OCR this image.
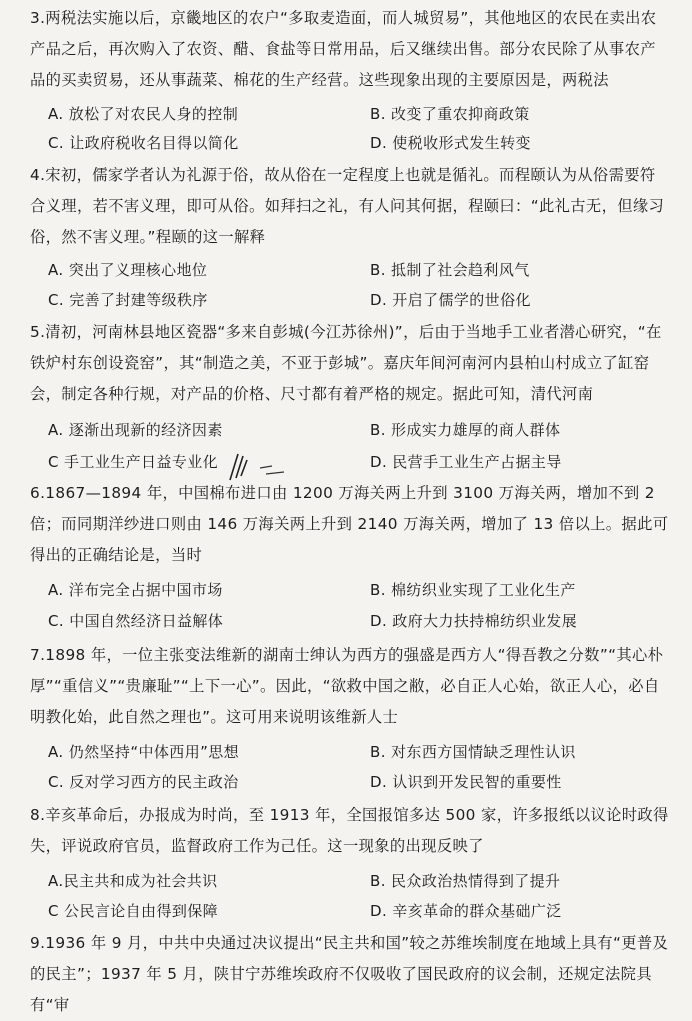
3.两税法实施以后，京畿地区的农户“多取麦造面，而人城贸易”，其他地区的农民在卖出农产品之后，再次购入了农资、醋、食盐等日常用品，后又继续出售。部分农民除了从事农产品的买卖贸易，还从事蔬菜、棉花的生产经营。这些现象出现的主要原因是，两税法

A. 放松了对农民人身的控制	B. 改变了重农抑商政策

C. 让政府税收名目得以简化	D. 使税收形式发生转变

4.宋初，儒家学者认为礼源于俗，故从俗在一定程度上也就是循礼。而程颐认为从俗需要符合义理，若不害义理，即可从俗。如拜扫之礼，有人问其何据，程颐曰：“此礼古无，但缘习俗，然不害义理。”程颐的这一解释

A. 突出了义理核心地位	B. 抵制了社会趋利风气

C. 完善了封建等级秩序	D. 开启了儒学的世俗化

5.清初，河南林县地区瓷器“多来自彭城(今江苏徐州)”，后由于当地手工业者潜心研究，“在铁炉村东创设瓷窑”，其“制造之美，不亚于彭城”。嘉庆年间河南河内县柏山村成立了缸窑会，制定各种行规，对产品的价格、尺寸都有着严格的规定。据此可知，清代河南

A. 逐渐出现新的经济因素	B. 形成实力雄厚的商人群体

C 手工业生产日益专业化	D. 民营手工业生产占据主导

6.1867—1894 年，中国棉布进口由 1200 万海关两上升到 3100 万海关两，增加不到 2 倍；而同期洋纱进口则由 146 万海关两上升到 2140 万海关两，增加了 13 倍以上。据此可得出的正确结论是，当时

A. 洋布完全占据中国市场	B. 棉纺织业实现了工业化生产

C. 中国自然经济日益解体	D. 政府大力扶持棉纺织业发展

7.1898 年，一位主张变法维新的湖南士绅认为西方的强盛是西方人“得吾教之分数”“其心朴厚”“重信义”“贵廉耻”“上下一心”。因此，“欲救中国之敝，必自正人心始，欲正人心，必自明教化始，此自然之理也”。这可用来说明该维新人士

A. 仍然坚持“中体西用”思想	B. 对东西方国情缺乏理性认识

C. 反对学习西方的民主政治	D. 认识到开发民智的重要性

8.辛亥革命后，办报成为时尚，至 1913 年，全国报馆多达 500 家，许多报纸以议论时政得失，评说政府官员，监督政府工作为己任。这一现象的出现反映了

A.民主共和成为社会共识	B. 民众政治热情得到了提升

C 公民言论自由得到保障	D. 辛亥革命的群众基础广泛

9.1936 年 9 月，中共中央通过决议提出“民主共和国”较之苏维埃制度在地域上具有“更普及的民主”；1937 年 5 月，陕甘宁苏维埃政府不仅吸收了国民政府的议会制，还规定法院具有“审
